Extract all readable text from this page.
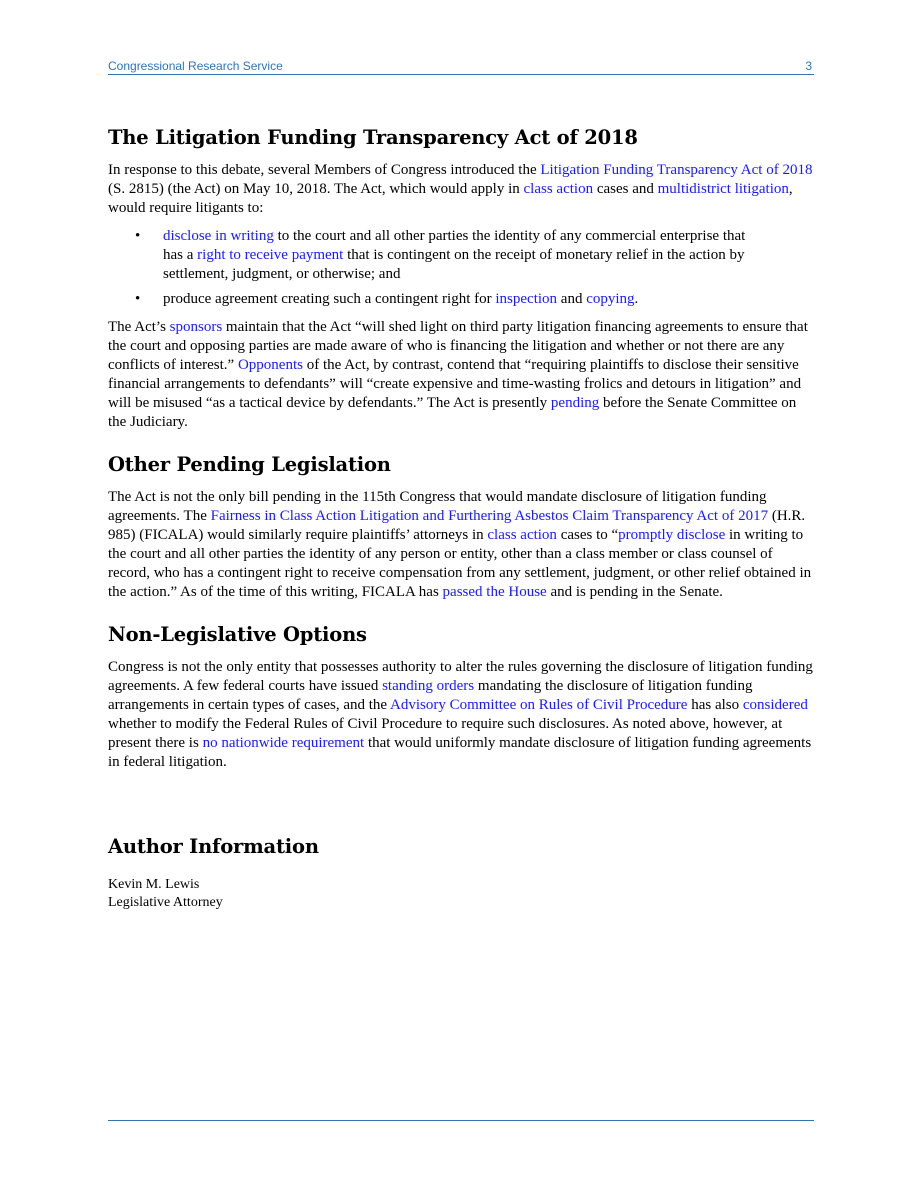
Congressional Research Service	3
The Litigation Funding Transparency Act of 2018

In response to this debate, several Members of Congress introduced the Litigation Funding Transparency Act of 2018 (S. 2815) (the Act) on May 10, 2018. The Act, which would apply in class action cases and multidistrict litigation, would require litigants to:

• disclose in writing to the court and all other parties the identity of any commercial enterprise that has a right to receive payment that is contingent on the receipt of monetary relief in the action by settlement, judgment, or otherwise; and
• produce agreement creating such a contingent right for inspection and copying.

The Act’s sponsors maintain that the Act “will shed light on third party litigation financing agreements to ensure that the court and opposing parties are made aware of who is financing the litigation and whether or not there are any conflicts of interest.” Opponents of the Act, by contrast, contend that “requiring plaintiffs to disclose their sensitive financial arrangements to defendants” will “create expensive and time-wasting frolics and detours in litigation” and will be misused “as a tactical device by defendants.” The Act is presently pending before the Senate Committee on the Judiciary.

Other Pending Legislation

The Act is not the only bill pending in the 115th Congress that would mandate disclosure of litigation funding agreements. The Fairness in Class Action Litigation and Furthering Asbestos Claim Transparency Act of 2017 (H.R. 985) (FICALA) would similarly require plaintiffs’ attorneys in class action cases to “promptly disclose in writing to the court and all other parties the identity of any person or entity, other than a class member or class counsel of record, who has a contingent right to receive compensation from any settlement, judgment, or other relief obtained in the action.” As of the time of this writing, FICALA has passed the House and is pending in the Senate.

Non-Legislative Options

Congress is not the only entity that possesses authority to alter the rules governing the disclosure of litigation funding agreements. A few federal courts have issued standing orders mandating the disclosure of litigation funding arrangements in certain types of cases, and the Advisory Committee on Rules of Civil Procedure has also considered whether to modify the Federal Rules of Civil Procedure to require such disclosures. As noted above, however, at present there is no nationwide requirement that would uniformly mandate disclosure of litigation funding agreements in federal litigation.

Author Information
Kevin M. Lewis
Legislative Attorney
